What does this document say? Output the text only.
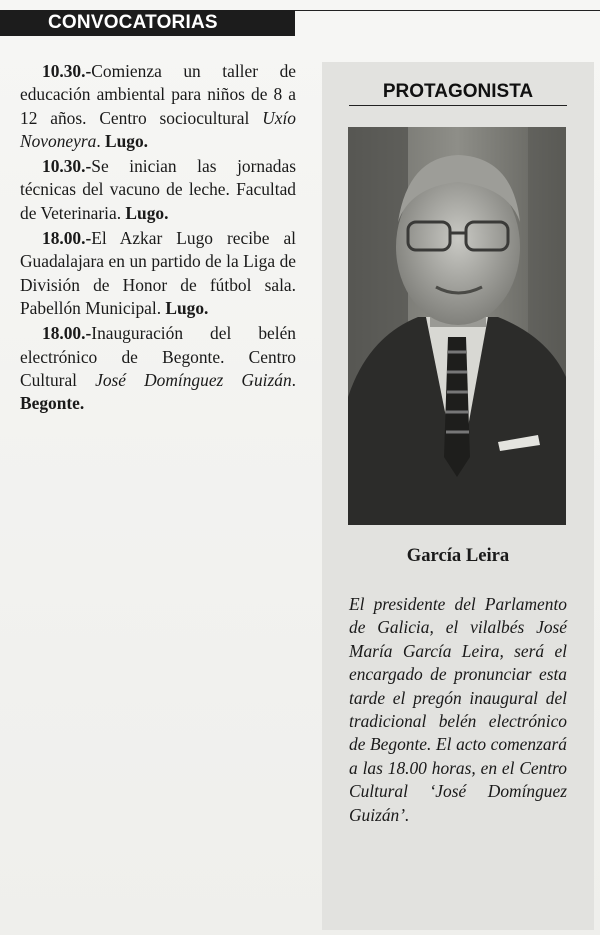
CONVOCATORIAS

10.30.-Comienza un taller de educación ambiental para niños de 8 a 12 años. Centro sociocultural Uxío Novoneyra. Lugo.

10.30.-Se inician las jornadas técnicas del vacuno de leche. Facultad de Veterinaria. Lugo.

18.00.-El Azkar Lugo recibe al Guadalajara en un partido de la Liga de División de Honor de fútbol sala. Pabellón Municipal. Lugo.

18.00.-Inauguración del belén electrónico de Begonte. Centro Cultural José Domínguez Guizán. Begonte.

PROTAGONISTA
García Leira
El presidente del Parlamento de Galicia, el vilalbés José María García Leira, será el encargado de pronunciar esta tarde el pregón inaugural del tradicional belén electrónico de Begonte. El acto comenzará a las 18.00 horas, en el Centro Cultural ‘José Domínguez Guizán’.
